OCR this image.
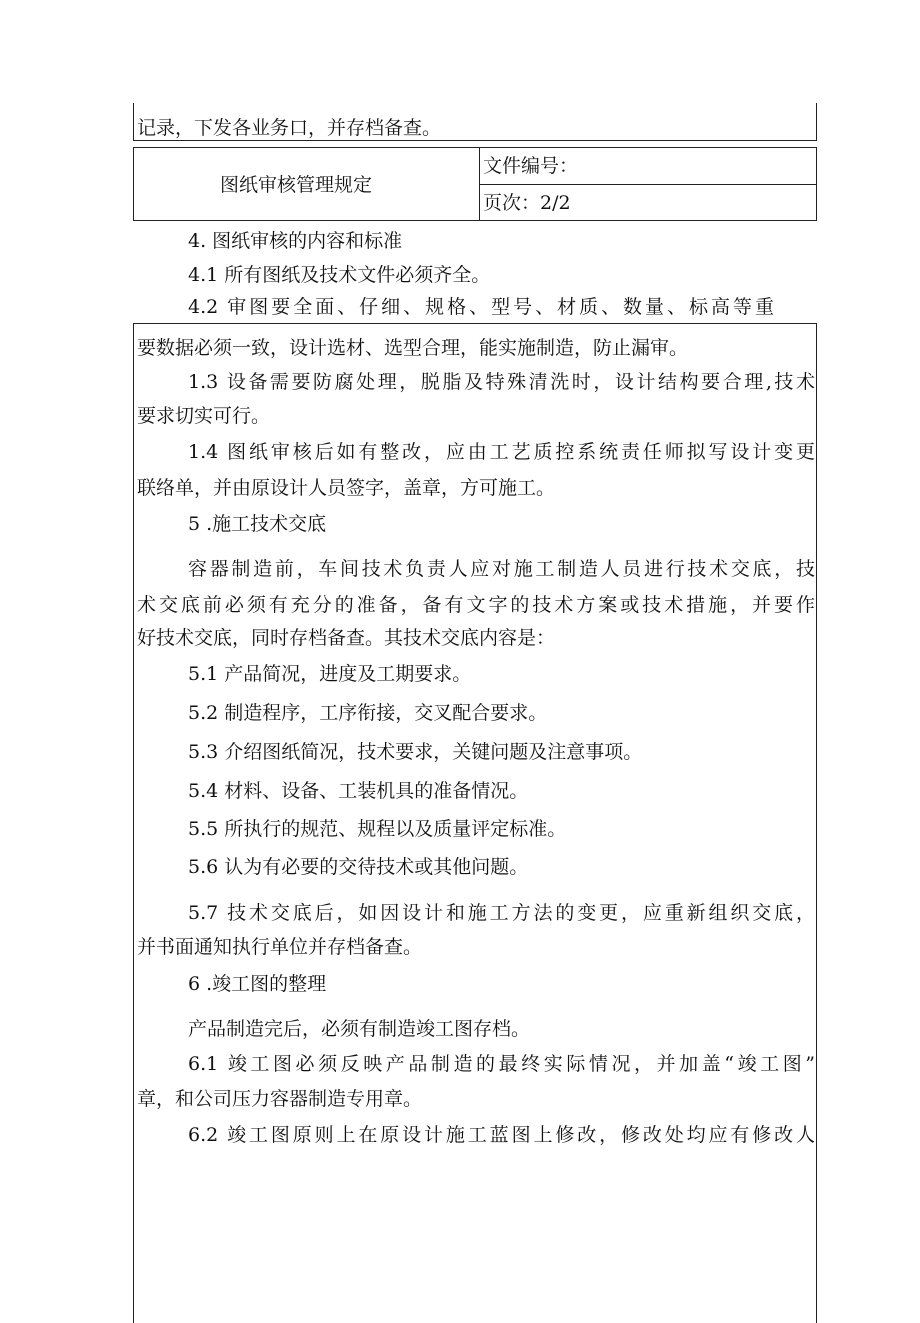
记录，下发各业务口，并存档备查。
图纸审核管理规定
文件编号：
页次：2/2
4. 图纸审核的内容和标准
4.1 所有图纸及技术文件必须齐全。
4.2 审图要全面、仔细、规格、型号、材质、数量、标高等重
要数据必须一致，设计选材、选型合理，能实施制造，防止漏审。
1.3 设备需要防腐处理，脱脂及特殊清洗时，设计结构要合理,技术
要求切实可行。
1.4 图纸审核后如有整改，应由工艺质控系统责任师拟写设计变更
联络单，并由原设计人员签字，盖章，方可施工。
5 .施工技术交底
容器制造前，车间技术负责人应对施工制造人员进行技术交底，技
术交底前必须有充分的准备，备有文字的技术方案或技术措施，并要作
好技术交底，同时存档备查。其技术交底内容是：
5.1 产品简况，进度及工期要求。
5.2 制造程序，工序衔接，交叉配合要求。
5.3 介绍图纸简况，技术要求，关键问题及注意事项。
5.4 材料、设备、工装机具的准备情况。
5.5 所执行的规范、规程以及质量评定标准。
5.6 认为有必要的交待技术或其他问题。
5.7 技术交底后，如因设计和施工方法的变更，应重新组织交底，
并书面通知执行单位并存档备查。
6 .竣工图的整理
产品制造完后，必须有制造竣工图存档。
6.1 竣工图必须反映产品制造的最终实际情况，并加盖“竣工图”
章，和公司压力容器制造专用章。
6.2 竣工图原则上在原设计施工蓝图上修改，修改处均应有修改人
